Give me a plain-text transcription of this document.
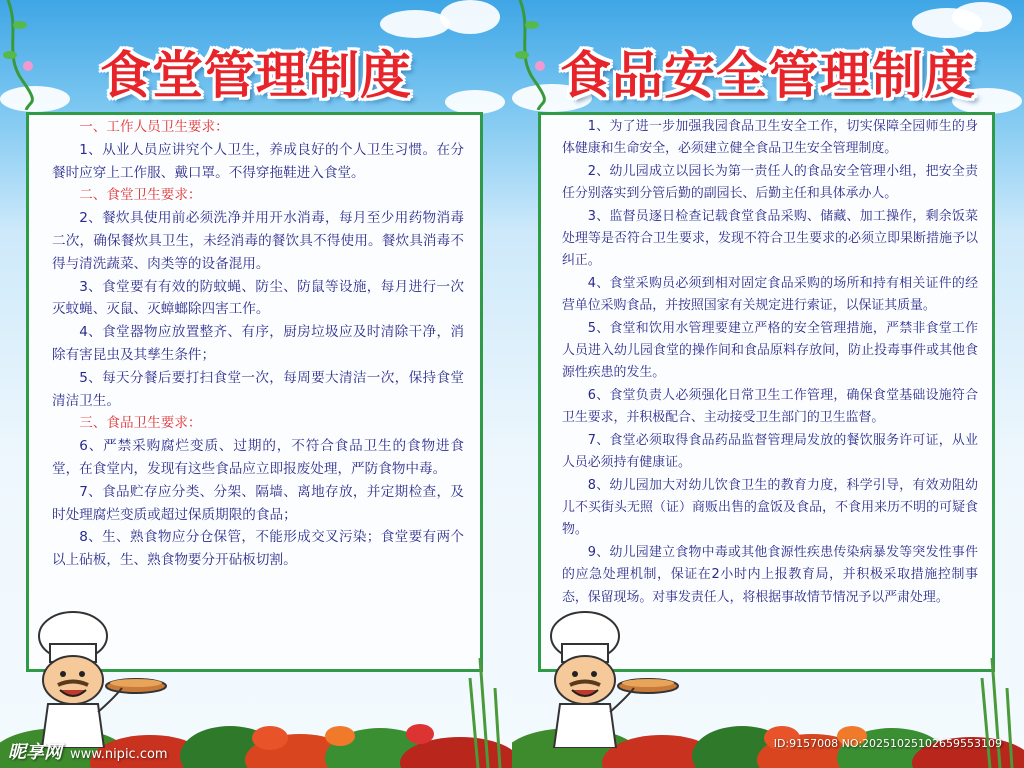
食堂管理制度

一、工作人员卫生要求：

1、从业人员应讲究个人卫生，养成良好的个人卫生习惯。在分餐时应穿上工作服、戴口罩。不得穿拖鞋进入食堂。

二、食堂卫生要求：

2、餐炊具使用前必须洗净并用开水消毒，每月至少用药物消毒二次，确保餐炊具卫生，未经消毒的餐饮具不得使用。餐炊具消毒不得与清洗蔬菜、肉类等的设备混用。

3、食堂要有有效的防蚊蝇、防尘、防鼠等设施，每月进行一次灭蚊蝇、灭鼠、灭蟑螂除四害工作。

4、食堂器物应放置整齐、有序，厨房垃圾应及时清除干净，消除有害昆虫及其孳生条件；

5、每天分餐后要打扫食堂一次，每周要大清洁一次，保持食堂清洁卫生。

三、食品卫生要求：

6、严禁采购腐烂变质、过期的，不符合食品卫生的食物进食堂，在食堂内，发现有这些食品应立即报废处理，严防食物中毒。

7、食品贮存应分类、分架、隔墙、离地存放，并定期检查，及时处理腐烂变质或超过保质期限的食品；

8、生、熟食物应分仓保管，不能形成交叉污染；食堂要有两个以上砧板，生、熟食物要分开砧板切割。

昵享网 www.nipic.com
食品安全管理制度

1、为了进一步加强我园食品卫生安全工作，切实保障全园师生的身体健康和生命安全，必须建立健全食品卫生安全管理制度。

2、幼儿园成立以园长为第一责任人的食品安全管理小组，把安全责任分别落实到分管后勤的副园长、后勤主任和具体承办人。

3、监督员逐日检查记载食堂食品采购、储藏、加工操作，剩余饭菜处理等是否符合卫生要求，发现不符合卫生要求的必须立即果断措施予以纠正。

4、食堂采购员必须到相对固定食品采购的场所和持有相关证件的经营单位采购食品，并按照国家有关规定进行索证，以保证其质量。

5、食堂和饮用水管理要建立严格的安全管理措施，严禁非食堂工作人员进入幼儿园食堂的操作间和食品原料存放间，防止投毒事件或其他食源性疾患的发生。

6、食堂负责人必须强化日常卫生工作管理，确保食堂基础设施符合卫生要求，并积极配合、主动接受卫生部门的卫生监督。

7、食堂必须取得食品药品监督管理局发放的餐饮服务许可证，从业人员必须持有健康证。

8、幼儿园加大对幼儿饮食卫生的教育力度，科学引导，有效劝阻幼儿不买街头无照（证）商贩出售的盒饭及食品，不食用来历不明的可疑食物。

9、幼儿园建立食物中毒或其他食源性疾患传染病暴发等突发性事件的应急处理机制，保证在2小时内上报教育局，并积极采取措施控制事态，保留现场。对事发责任人，将根据事故情节情况予以严肃处理。

ID:9157008 NO:20251025102659553109
